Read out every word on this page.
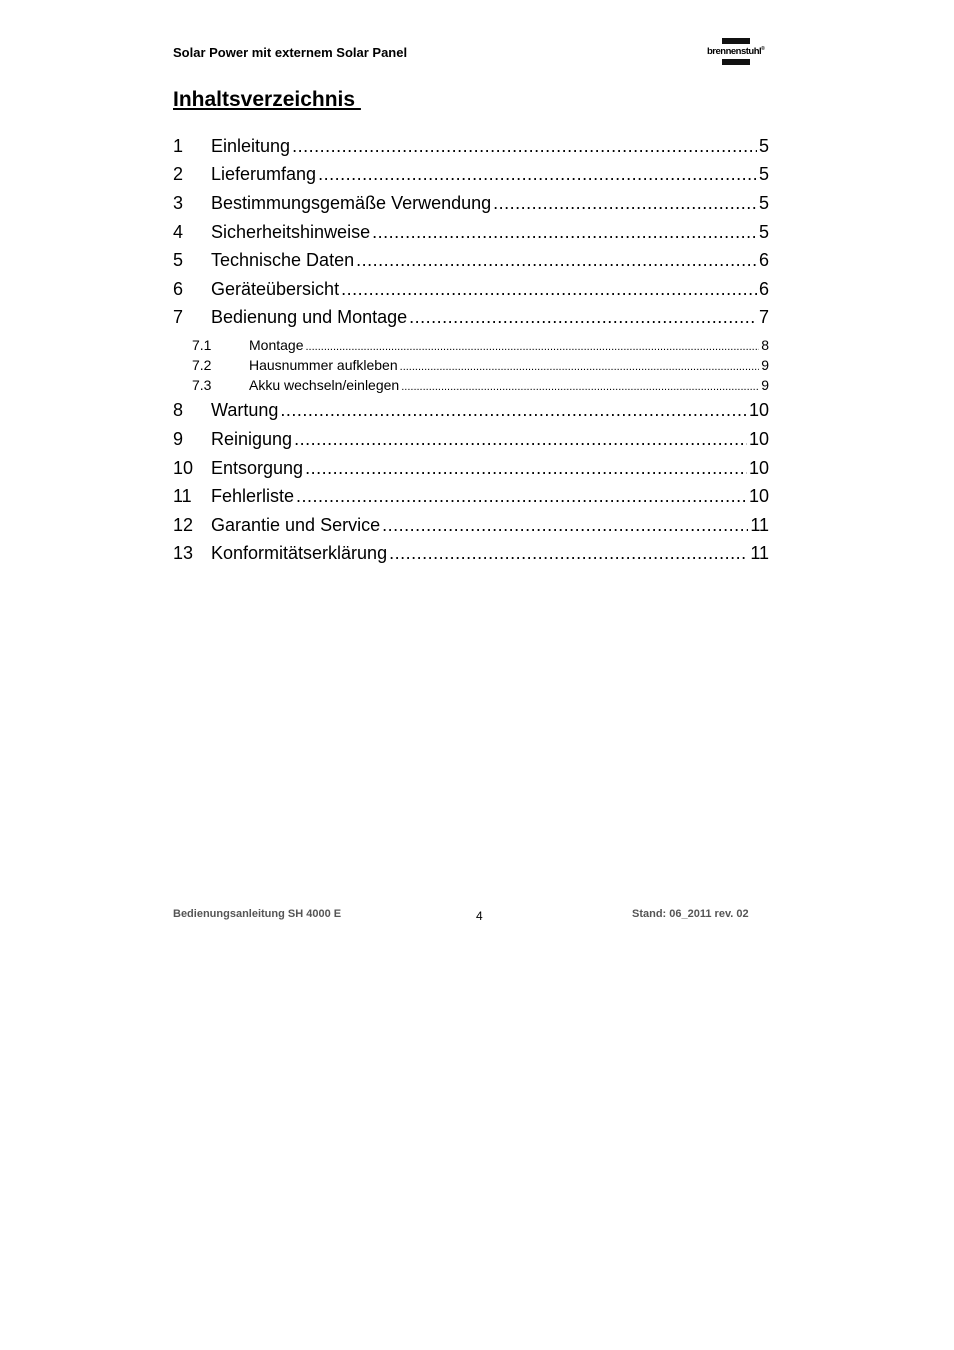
Solar Power mit externem Solar Panel	brennenstuhl®
Inhaltsverzeichnis
1	Einleitung .....	5
2	Lieferumfang .....	5
3	Bestimmungsgemäße Verwendung .....	5
4	Sicherheitshinweise .....	5
5	Technische Daten .....	6
6	Geräteübersicht .....	6
7	Bedienung und Montage .....	7
7.1	Montage .....	8
7.2	Hausnummer aufkleben .....	9
7.3	Akku wechseln/einlegen .....	9
8	Wartung .....	10
9	Reinigung .....	10
10 Entsorgung .....	10
11	Fehlerliste .....	10
12 Garantie und Service .....	11
13 Konformitätserklärung .....	11
Bedienungsanleitung SH 4000 E	4	Stand: 06_2011 rev. 02
